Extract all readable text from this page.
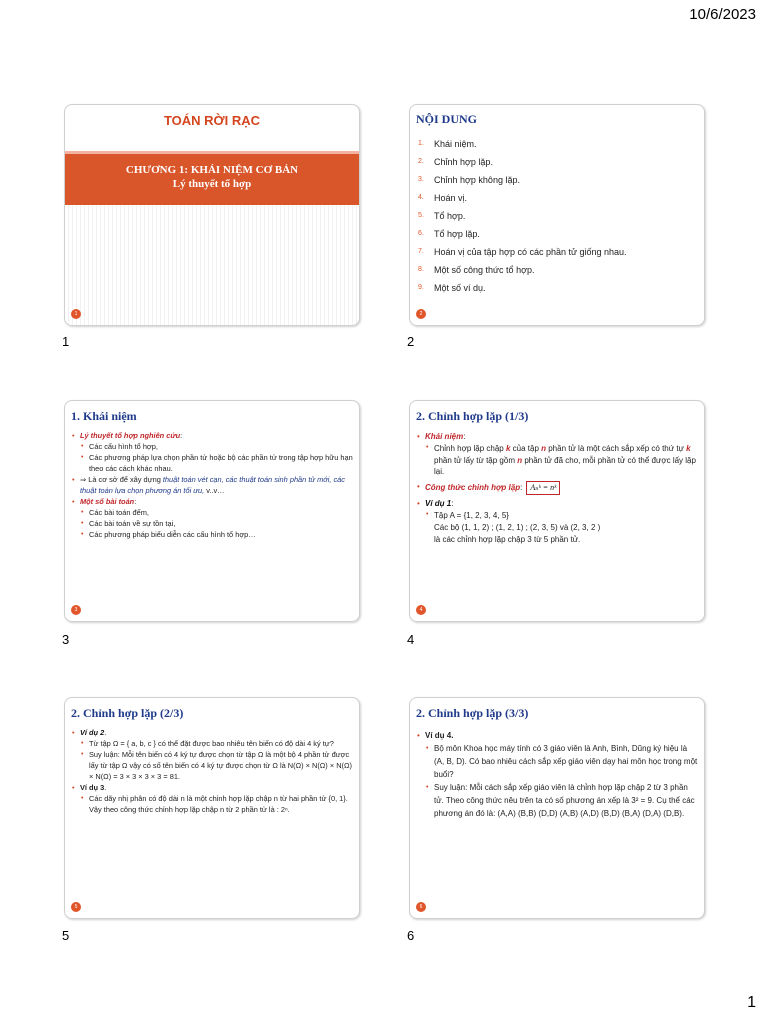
10/6/2023
TOÁN RỜI RẠC
CHƯƠNG 1: KHÁI NIỆM CƠ BẢN
Lý thuyết tổ hợp
1
1
NỘI DUNG
1. Khái niệm.
2. Chỉnh hợp lặp.
3. Chỉnh hợp không lặp.
4. Hoán vị.
5. Tổ hợp.
6. Tổ hợp lặp.
7. Hoán vị của tập hợp có các phần tử giống nhau.
8. Một số công thức tổ hợp.
9. Một số ví dụ.
2
2
1. Khái niệm

• Lý thuyết tổ hợp nghiên cứu:

• Các cấu hình tổ hợp,

• Các phương pháp lựa chọn phần tử hoặc bộ các phần tử trong tập hợp hữu hạn theo các cách khác nhau.

• ⇒ Là cơ sở để xây dựng thuật toán vét cạn, các thuật toán sinh phần tử mới, các thuật toán lựa chọn phương án tối ưu, v..v…

• Một số bài toán:

• Các bài toán đếm,

• Các bài toán về sự tồn tại,

• Các phương pháp biểu diễn các cấu hình tổ hợp…

3
3
2. Chỉnh hợp lặp (1/3)

• Khái niệm:

• Chỉnh hợp lặp chập k của tập n phần tử là một cách sắp xếp có thứ tự k phần tử lấy từ tập gồm n phần tử đã cho, mỗi phần tử có thể được lấy lặp lại.

• Công thức chỉnh hợp lặp: Aₙᵏ = nᵏ

• Ví dụ 1:

• Tập A = {1, 2, 3, 4, 5}

Các bộ (1, 1, 2) ; (1, 2, 1) ; (2, 3, 5) và (2, 3, 2 )

là các chỉnh hợp lặp chập 3 từ 5 phần tử.

4
4
2. Chỉnh hợp lặp (2/3)

• Ví dụ 2.

• Từ tập Ω = { a, b, c } có thể đặt được bao nhiêu tên biến có độ dài 4 ký tự?

• Suy luận: Mỗi tên biến có 4 ký tự được chọn từ tập Ω là một bộ 4 phần tử được lấy từ tập Ω vậy có số tên biến có 4 ký tự được chọn từ Ω là N(Ω) × N(Ω) × N(Ω) × N(Ω) = 3 × 3 × 3 × 3 = 81.

• Ví dụ 3.

• Các dãy nhị phân có độ dài n là một chỉnh hợp lặp chập n từ hai phần tử {0, 1}. Vậy theo công thức chỉnh hợp lặp chập n từ 2 phần tử là : 2ⁿ.

5
5
2. Chỉnh hợp lặp (3/3)

• Ví dụ 4.

• Bộ môn Khoa học máy tính có 3 giáo viên là Anh, Bình, Dũng ký hiệu là (A, B, D). Có bao nhiêu cách sắp xếp giáo viên dạy hai môn học trong một buổi?

• Suy luận: Mỗi cách sắp xếp giáo viên là chỉnh hợp lặp chập 2 từ 3 phần tử. Theo công thức nêu trên ta có số phương án xếp là 3² = 9. Cụ thể các phương án đó là: (A,A) (B,B) (D,D) (A,B) (A,D) (B,D) (B,A) (D,A) (D,B).

6
6
1
